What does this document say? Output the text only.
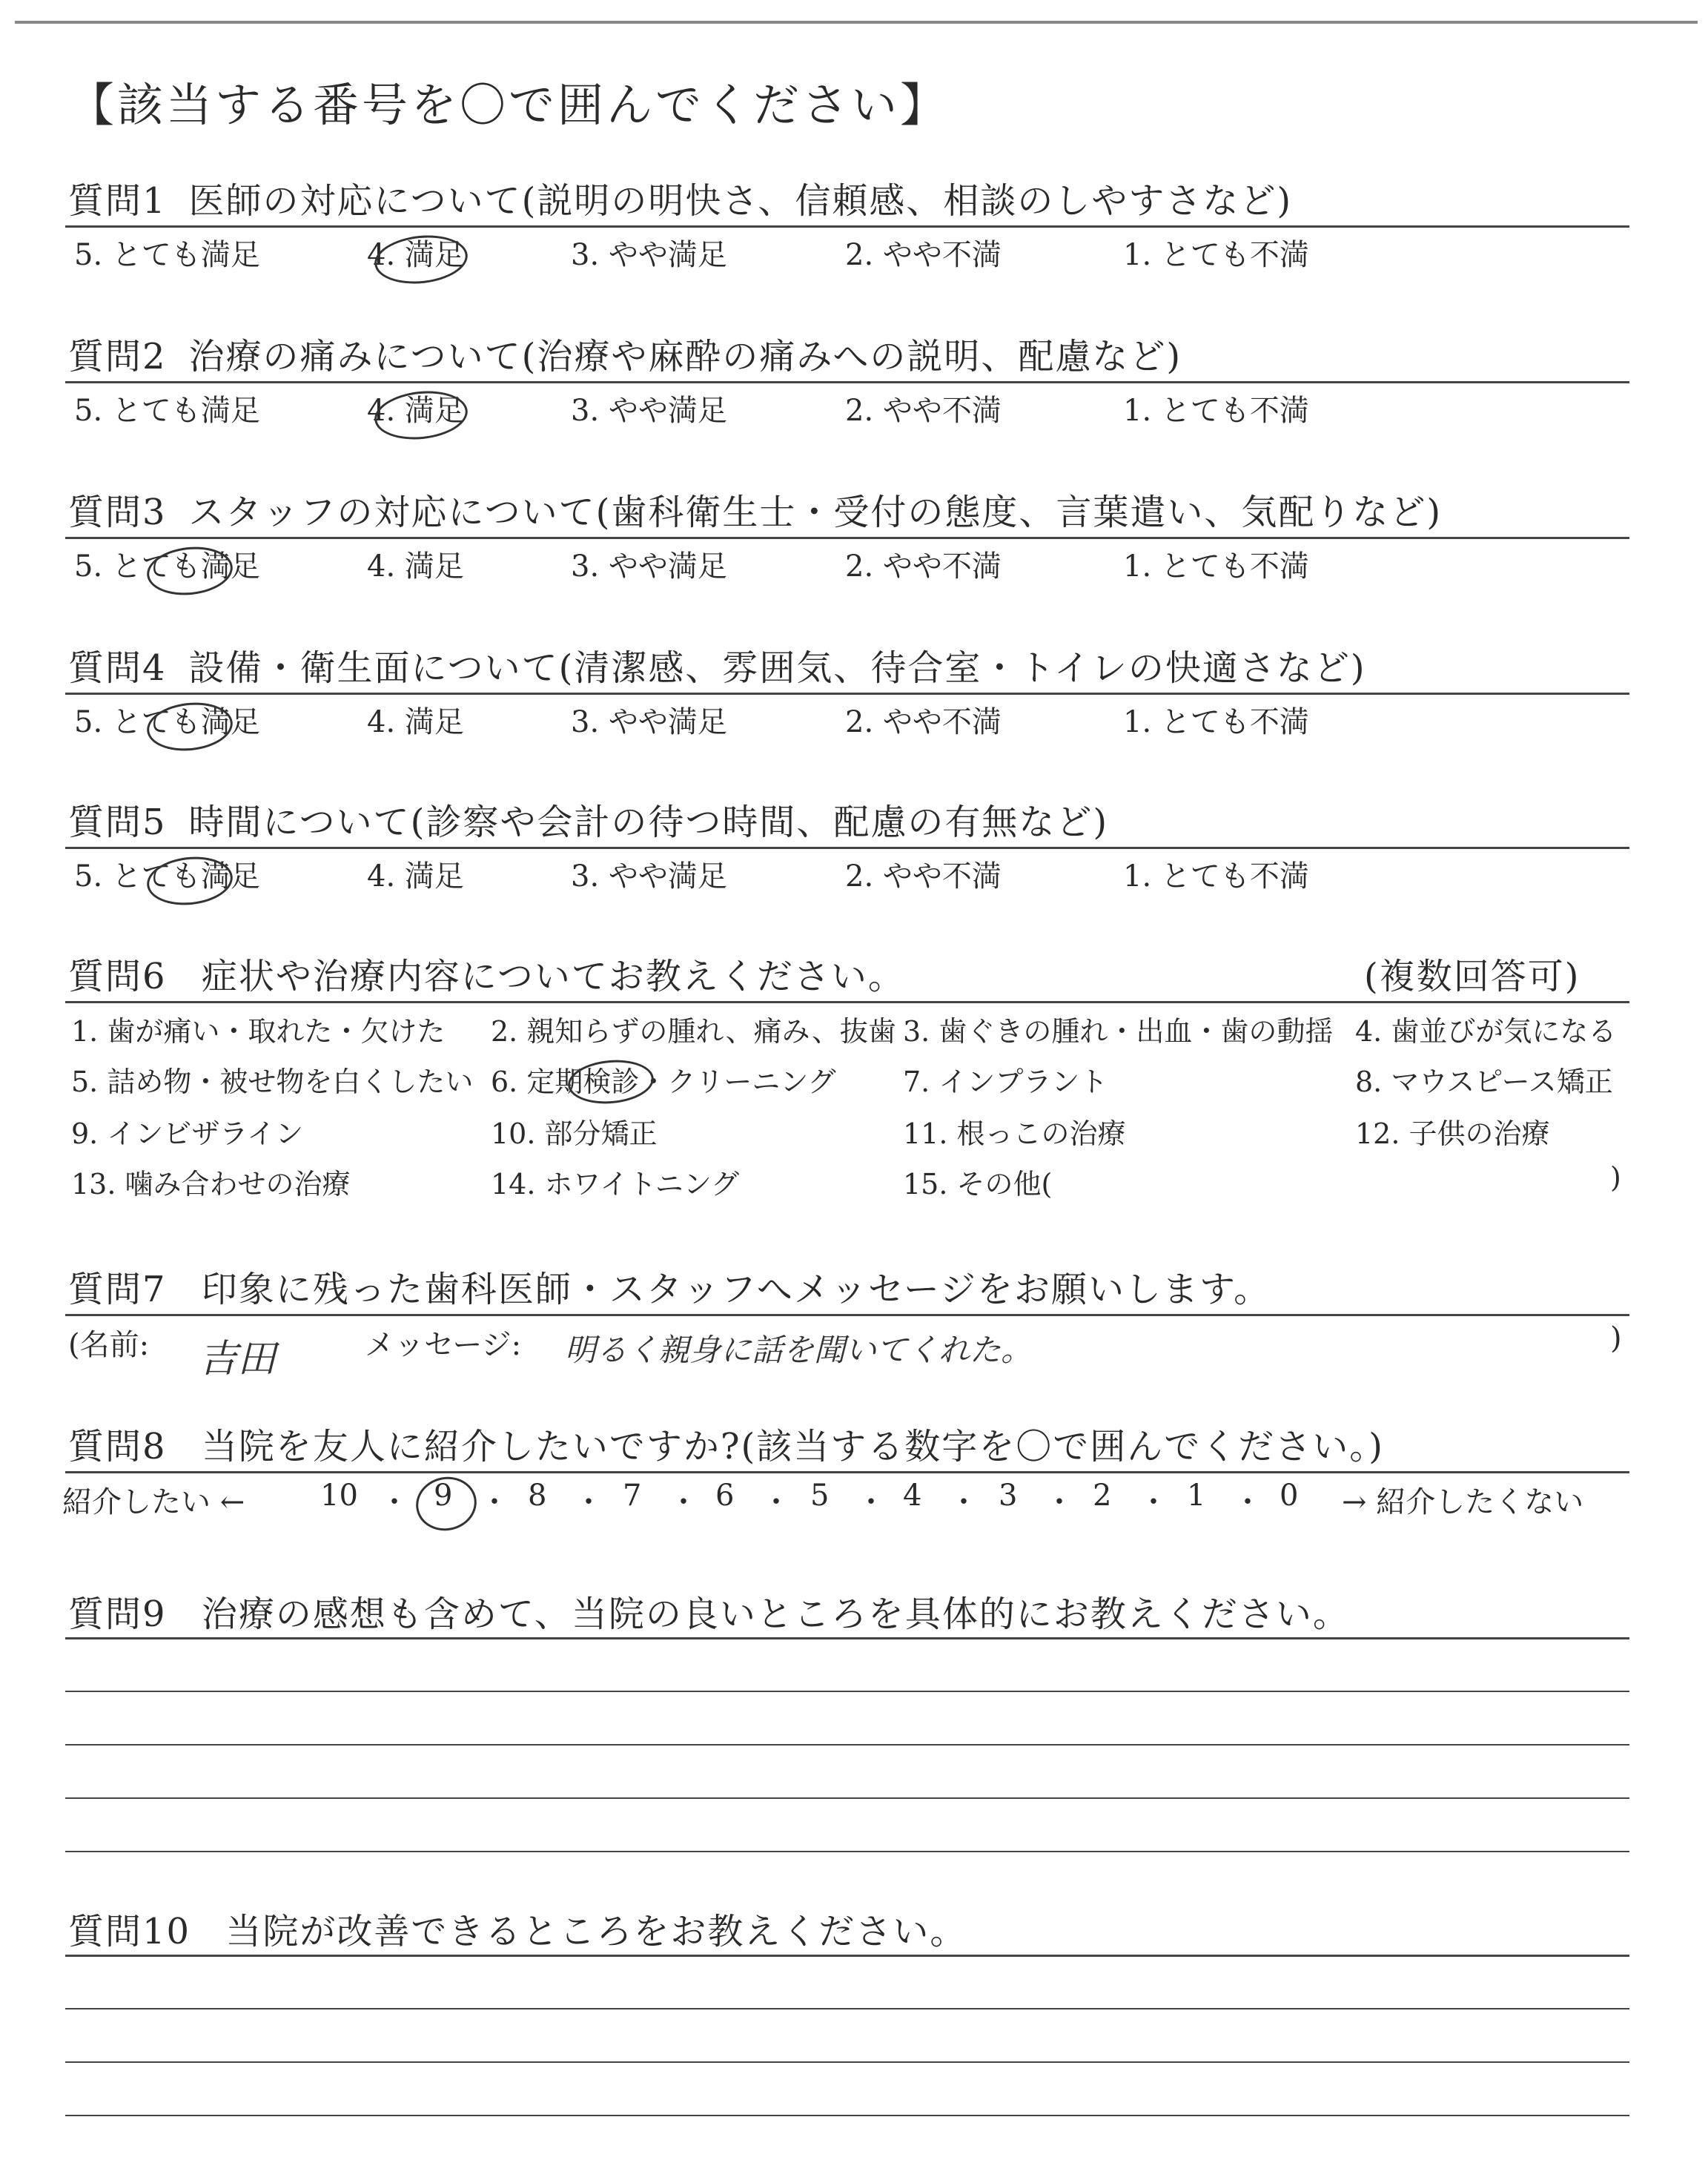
【該当する番号を〇で囲んでください】
質問1 医師の対応について(説明の明快さ、信頼感、相談のしやすさなど)
5. とても満足	4. 満足	3. やや満足	2. やや不満	1. とても不満
質問2 治療の痛みについて(治療や麻酔の痛みへの説明、配慮など)
5. とても満足	4. 満足	3. やや満足	2. やや不満	1. とても不満
質問3 スタッフの対応について(歯科衛生士・受付の態度、言葉遣い、気配りなど)
5. とても満足	4. 満足	3. やや満足	2. やや不満	1. とても不満
質問4 設備・衛生面について(清潔感、雰囲気、待合室・トイレの快適さなど)
5. とても満足	4. 満足	3. やや満足	2. やや不満	1. とても不満
質問5 時間について(診察や会計の待つ時間、配慮の有無など)
5. とても満足	4. 満足	3. やや満足	2. やや不満	1. とても不満
質問6 症状や治療内容についてお教えください。	(複数回答可)
1. 歯が痛い・取れた・欠けた 2. 親知らずの腫れ、痛み、抜歯 3. 歯ぐきの腫れ・出血・歯の動揺 4. 歯並びが気になる
5. 詰め物・被せ物を白くしたい 6. 定期検診・クリーニング 7. インプラント	8. マウスピース矯正
9. インビザライン	10. 部分矯正	11. 根っこの治療	12. 子供の治療
13. 噛み合わせの治療	14. ホワイトニング	15. その他(	)
質問7 印象に残った歯科医師・スタッフへメッセージをお願いします。
(名前: 吉田	メッセージ: 明るく親身に話を聞いてくれた。	)
質問8 当院を友人に紹介したいですか?(該当する数字を〇で囲んでください。)
紹介したい ←	10 ・ 9 ・ 8 ・ 7 ・ 6 ・ 5 ・ 4 ・ 3 ・ 2 ・ 1 ・ 0 → 紹介したくない
質問9 治療の感想も含めて、当院の良いところを具体的にお教えください。
質問10 当院が改善できるところをお教えください。
